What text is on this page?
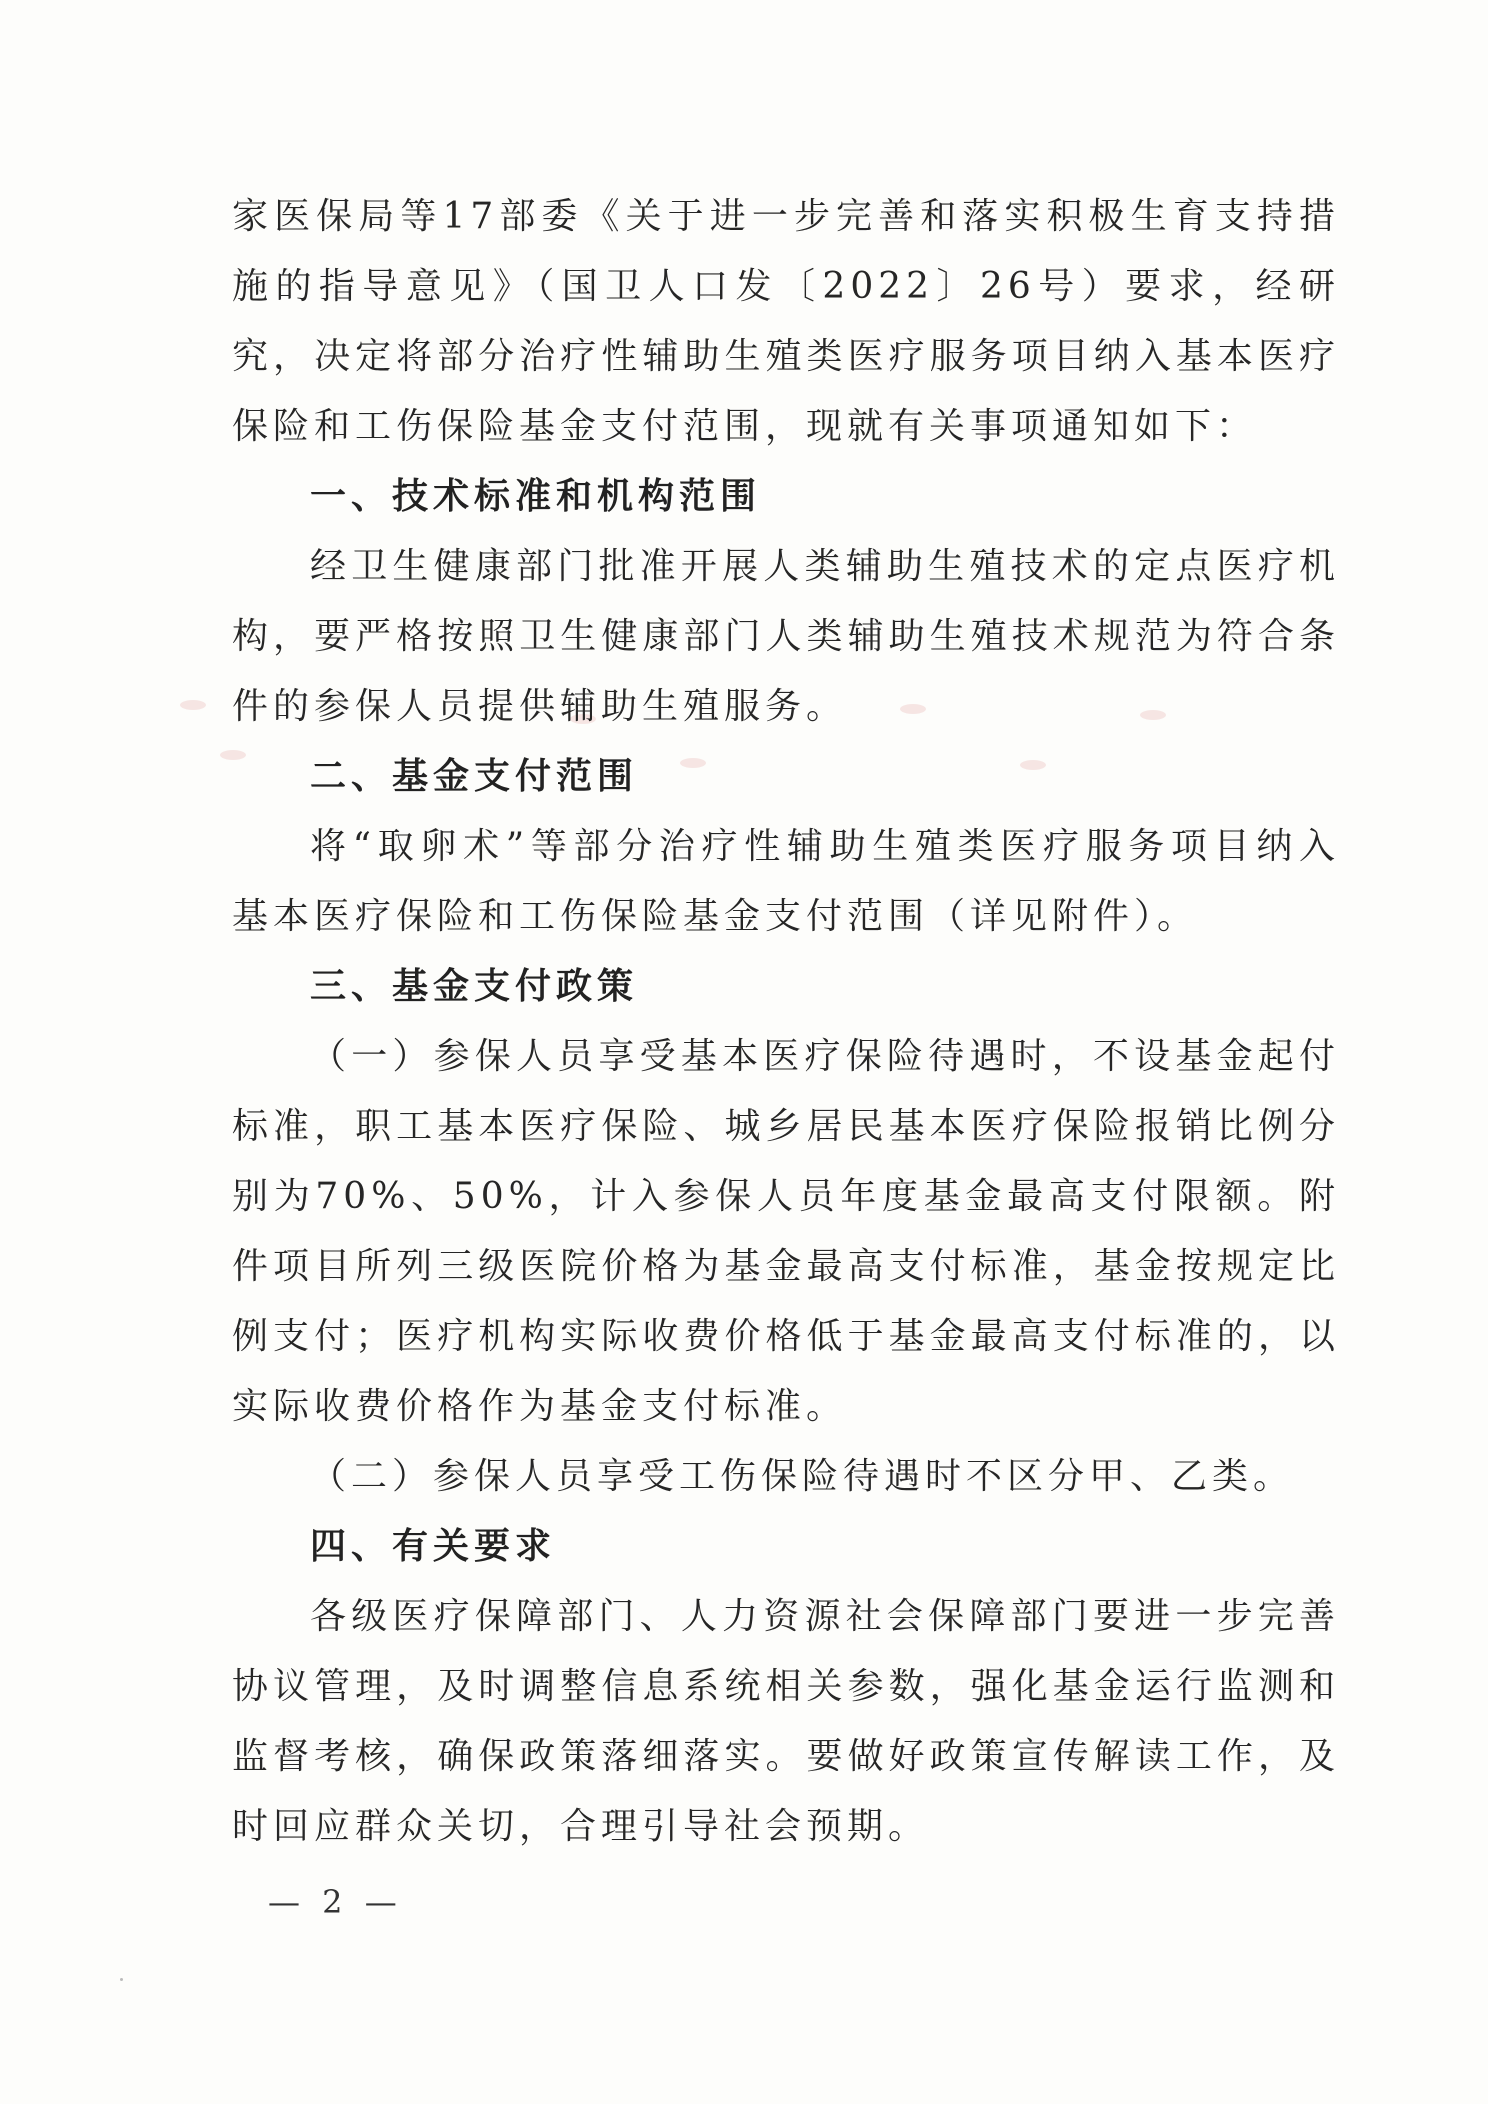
家医保局等17部委《关于进一步完善和落实积极生育支持措施的指导意见》（国卫人口发〔2022〕26号）要求，经研究，决定将部分治疗性辅助生殖类医疗服务项目纳入基本医疗保险和工伤保险基金支付范围，现就有关事项通知如下：

一、技术标准和机构范围

经卫生健康部门批准开展人类辅助生殖技术的定点医疗机构，要严格按照卫生健康部门人类辅助生殖技术规范为符合条件的参保人员提供辅助生殖服务。

二、基金支付范围

将“取卵术”等部分治疗性辅助生殖类医疗服务项目纳入基本医疗保险和工伤保险基金支付范围（详见附件）。

三、基金支付政策

（一）参保人员享受基本医疗保险待遇时，不设基金起付标准，职工基本医疗保险、城乡居民基本医疗保险报销比例分别为70%、50%，计入参保人员年度基金最高支付限额。附件项目所列三级医院价格为基金最高支付标准，基金按规定比例支付；医疗机构实际收费价格低于基金最高支付标准的，以实际收费价格作为基金支付标准。

（二）参保人员享受工伤保险待遇时不区分甲、乙类。

四、有关要求

各级医疗保障部门、人力资源社会保障部门要进一步完善协议管理，及时调整信息系统相关参数，强化基金运行监测和监督考核，确保政策落细落实。要做好政策宣传解读工作，及时回应群众关切，合理引导社会预期。

— 2 —
